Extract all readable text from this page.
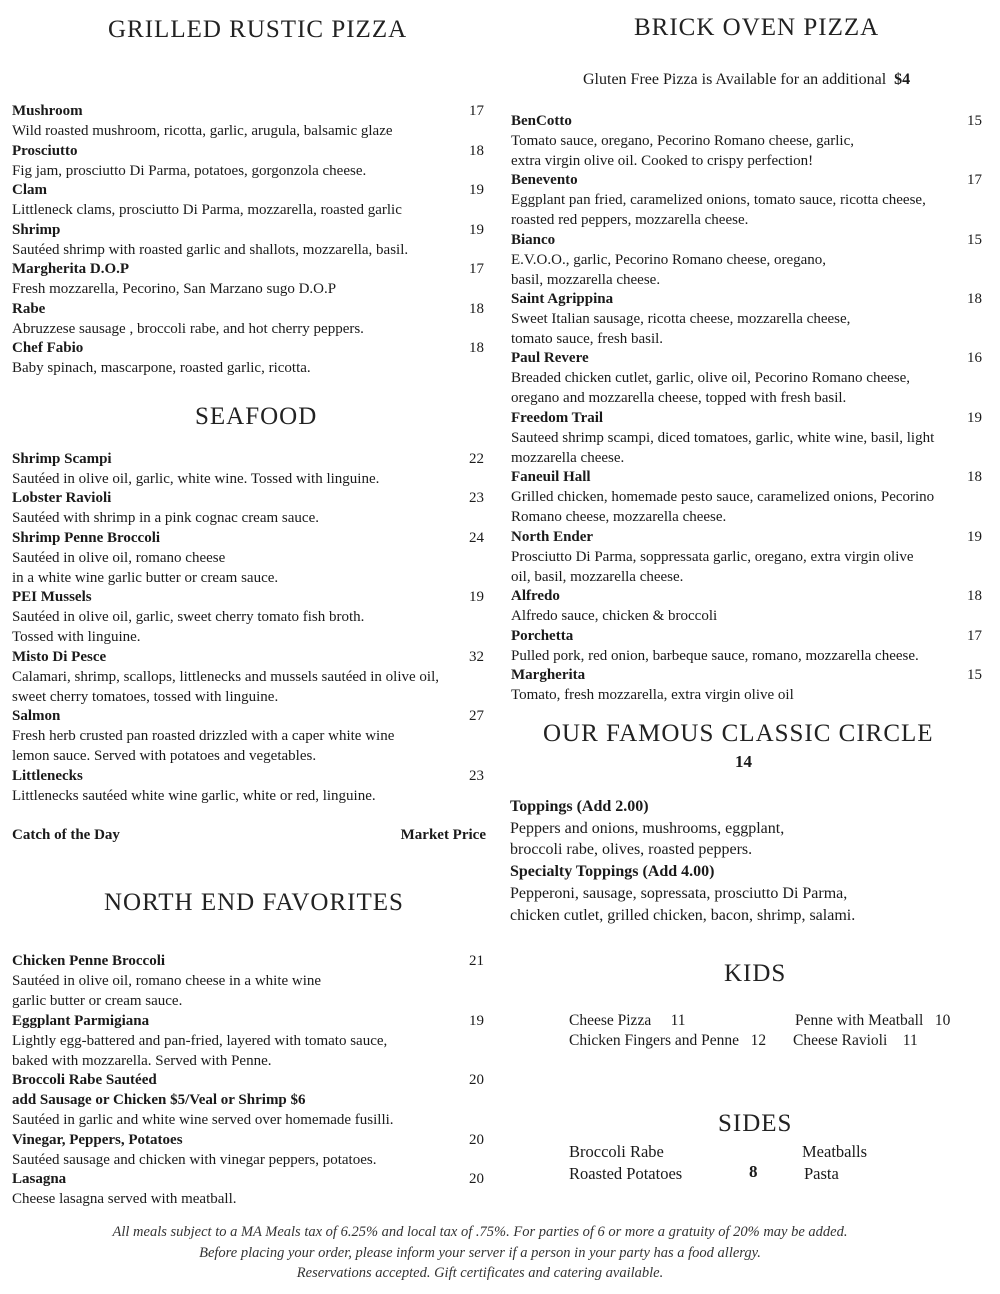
GRILLED RUSTIC PIZZA	BRICK OVEN PIZZA
SEAFOOD
NORTH END FAVORITES
OUR FAMOUS CLASSIC CIRCLE
14
KIDS
SIDES
Gluten Free Pizza is Available for an additional $4
Mushroom	17
Wild roasted mushroom, ricotta, garlic, arugula, balsamic glaze
Prosciutto	18
Fig jam, prosciutto Di Parma, potatoes, gorgonzola cheese.
Clam	19
Littleneck clams, prosciutto Di Parma, mozzarella, roasted garlic
Shrimp	19
Sautéed shrimp with roasted garlic and shallots, mozzarella, basil.
Margherita D.O.P	17
Fresh mozzarella, Pecorino, San Marzano sugo D.O.P
Rabe	18
Abruzzese sausage , broccoli rabe, and hot cherry peppers.
Chef Fabio	18
Baby spinach, mascarpone, roasted garlic, ricotta.
Shrimp Scampi	22
Sautéed in olive oil, garlic, white wine. Tossed with linguine.
Lobster Ravioli	23
Sautéed with shrimp in a pink cognac cream sauce.
Shrimp Penne Broccoli	24
Sautéed in olive oil, romano cheese
in a white wine garlic butter or cream sauce.
PEI Mussels	19
Sautéed in olive oil, garlic, sweet cherry tomato fish broth.
Tossed with linguine.
Misto Di Pesce	32
Calamari, shrimp, scallops, littlenecks and mussels sautéed in olive oil,
sweet cherry tomatoes, tossed with linguine.
Salmon	27
Fresh herb crusted pan roasted drizzled with a caper white wine
lemon sauce. Served with potatoes and vegetables.
Littlenecks	23
Littlenecks sautéed white wine garlic, white or red, linguine.
Catch of the Day	Market Price
Chicken Penne Broccoli	21
Sautéed in olive oil, romano cheese in a white wine
garlic butter or cream sauce.
Eggplant Parmigiana	19
Lightly egg-battered and pan-fried, layered with tomato sauce,
baked with mozzarella. Served with Penne.
Broccoli Rabe Sautéed	20
add Sausage or Chicken $5/Veal or Shrimp $6
Sautéed in garlic and white wine served over homemade fusilli.
Vinegar, Peppers, Potatoes	20
Sautéed sausage and chicken with vinegar peppers, potatoes.
Lasagna	20
Cheese lasagna served with meatball.
BenCotto	15
Tomato sauce, oregano, Pecorino Romano cheese, garlic,
extra virgin olive oil. Cooked to crispy perfection!
Benevento	17
Eggplant pan fried, caramelized onions, tomato sauce, ricotta cheese,
roasted red peppers, mozzarella cheese.
Bianco	15
E.V.O.O., garlic, Pecorino Romano cheese, oregano,
basil, mozzarella cheese.
Saint Agrippina	18
Sweet Italian sausage, ricotta cheese, mozzarella cheese,
tomato sauce, fresh basil.
Paul Revere	16
Breaded chicken cutlet, garlic, olive oil, Pecorino Romano cheese,
oregano and mozzarella cheese, topped with fresh basil.
Freedom Trail	19
Sauteed shrimp scampi, diced tomatoes, garlic, white wine, basil, light
mozzarella cheese.
Faneuil Hall	18
Grilled chicken, homemade pesto sauce, caramelized onions, Pecorino
Romano cheese, mozzarella cheese.
North Ender	19
Prosciutto Di Parma, soppressata garlic, oregano, extra virgin olive
oil, basil, mozzarella cheese.
Alfredo	18
Alfredo sauce, chicken & broccoli
Porchetta	17
Pulled pork, red onion, barbeque sauce, romano, mozzarella cheese.
Margherita	15
Tomato, fresh mozzarella, extra virgin olive oil
Toppings (Add 2.00)
Peppers and onions, mushrooms, eggplant,
broccoli rabe, olives, roasted peppers.
Specialty Toppings (Add 4.00)
Pepperoni, sausage, sopressata, prosciutto Di Parma,
chicken cutlet, grilled chicken, bacon, shrimp, salami.
Cheese Pizza 11	Penne with Meatball 10
Chicken Fingers and Penne 12 Cheese Ravioli 11
Broccoli Rabe
Roasted Potatoes
Meatballs
Pasta
8
All meals subject to a MA Meals tax of 6.25% and local tax of .75%. For parties of 6 or more a gratuity of 20% may be added.
Before placing your order, please inform your server if a person in your party has a food allergy.
Reservations accepted. Gift certificates and catering available.
